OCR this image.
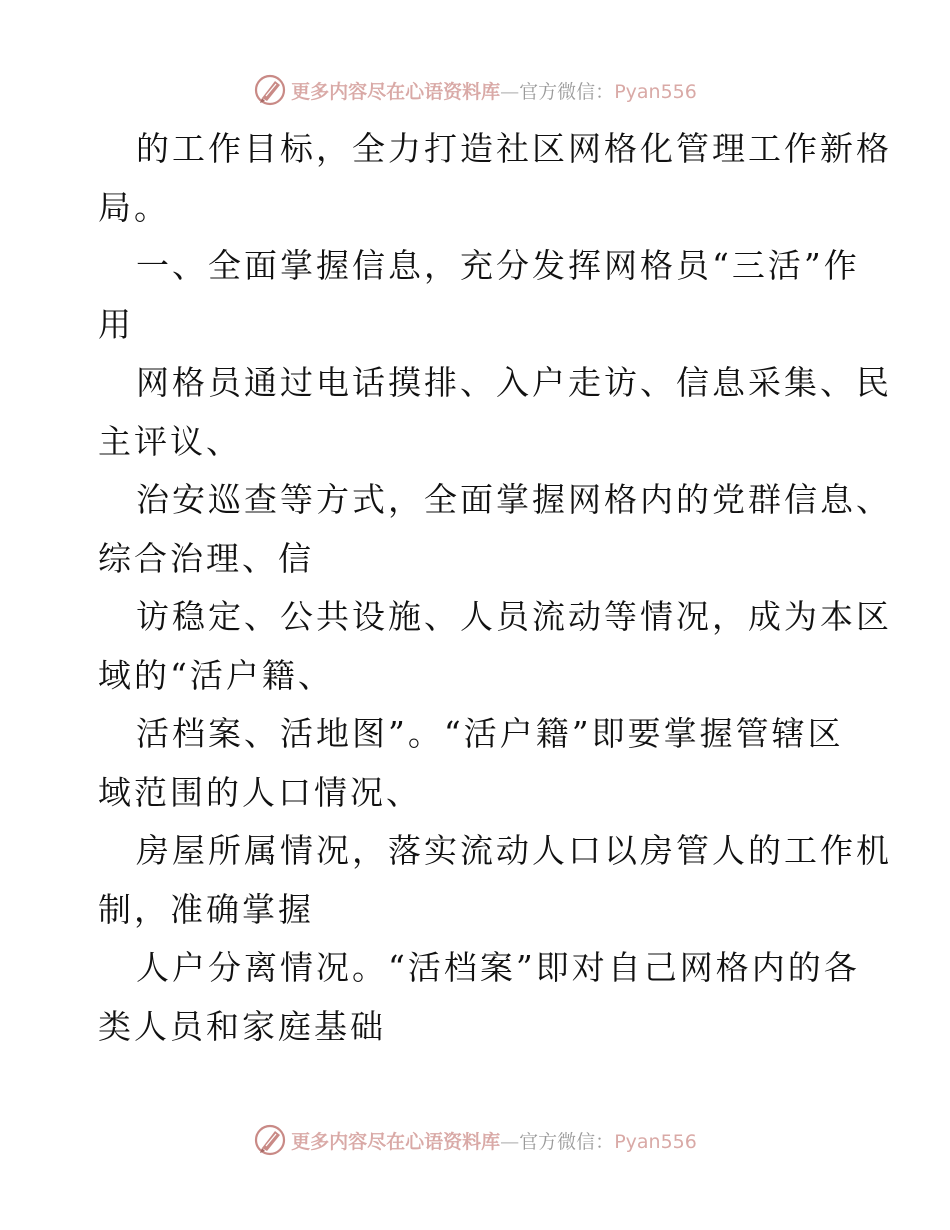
更多内容尽在心语资料库—官方微信：Pyan556
的工作目标，全力打造社区网格化管理工作新格
局。
一、全面掌握信息，充分发挥网格员“三活”作
用
网格员通过电话摸排、入户走访、信息采集、民
主评议、
治安巡查等方式，全面掌握网格内的党群信息、
综合治理、信
访稳定、公共设施、人员流动等情况，成为本区
域的“活户籍、
活档案、活地图”。“活户籍”即要掌握管辖区
域范围的人口情况、
房屋所属情况，落实流动人口以房管人的工作机
制，准确掌握
人户分离情况。“活档案”即对自己网格内的各
类人员和家庭基础
更多内容尽在心语资料库—官方微信：Pyan556
